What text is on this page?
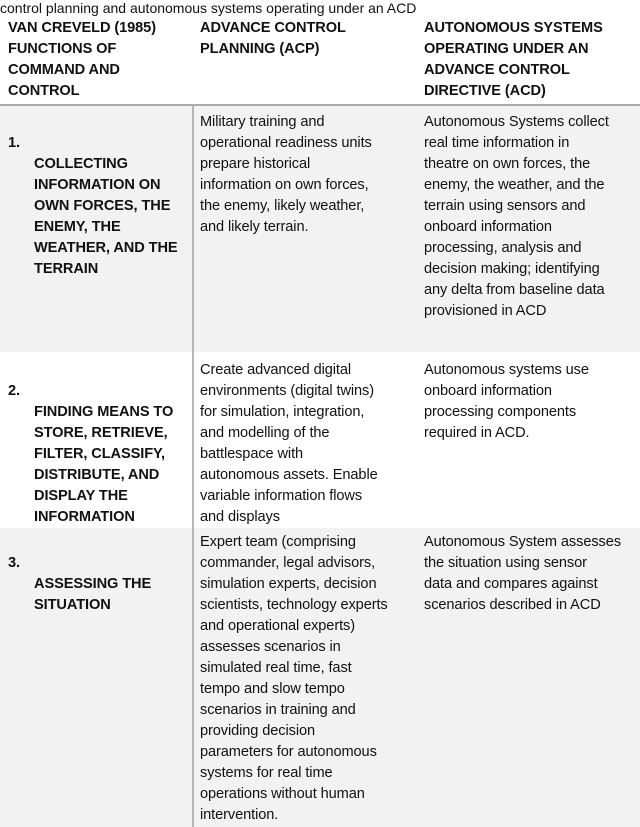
control planning and autonomous systems operating under an ACD
VAN CREVELD (1985)
FUNCTIONS OF
COMMAND AND
CONTROL
ADVANCE CONTROL
PLANNING (ACP)
AUTONOMOUS SYSTEMS
OPERATING UNDER AN
ADVANCE CONTROL
DIRECTIVE (ACD)

1.

COLLECTING
INFORMATION ON
OWN FORCES, THE
ENEMY, THE
WEATHER, AND THE
TERRAIN

Military training and
operational readiness units
prepare historical
information on own forces,
the enemy, likely weather,
and likely terrain.
Autonomous Systems collect
real time information in
theatre on own forces, the
enemy, the weather, and the
terrain using sensors and
onboard information
processing, analysis and
decision making; identifying
any delta from baseline data
provisioned in ACD

2.

FINDING MEANS TO
STORE, RETRIEVE,
FILTER, CLASSIFY,
DISTRIBUTE, AND
DISPLAY THE
INFORMATION

Create advanced digital
environments (digital twins)
for simulation, integration,
and modelling of the
battlespace with
autonomous assets. Enable
variable information flows
and displays
Autonomous systems use
onboard information
processing components
required in ACD.

3.

ASSESSING THE
SITUATION

Expert team (comprising
commander, legal advisors,
simulation experts, decision
scientists, technology experts
and operational experts)
assesses scenarios in
simulated real time, fast
tempo and slow tempo
scenarios in training and
providing decision
parameters for autonomous
systems for real time
operations without human
intervention.
Autonomous System assesses
the situation using sensor
data and compares against
scenarios described in ACD
